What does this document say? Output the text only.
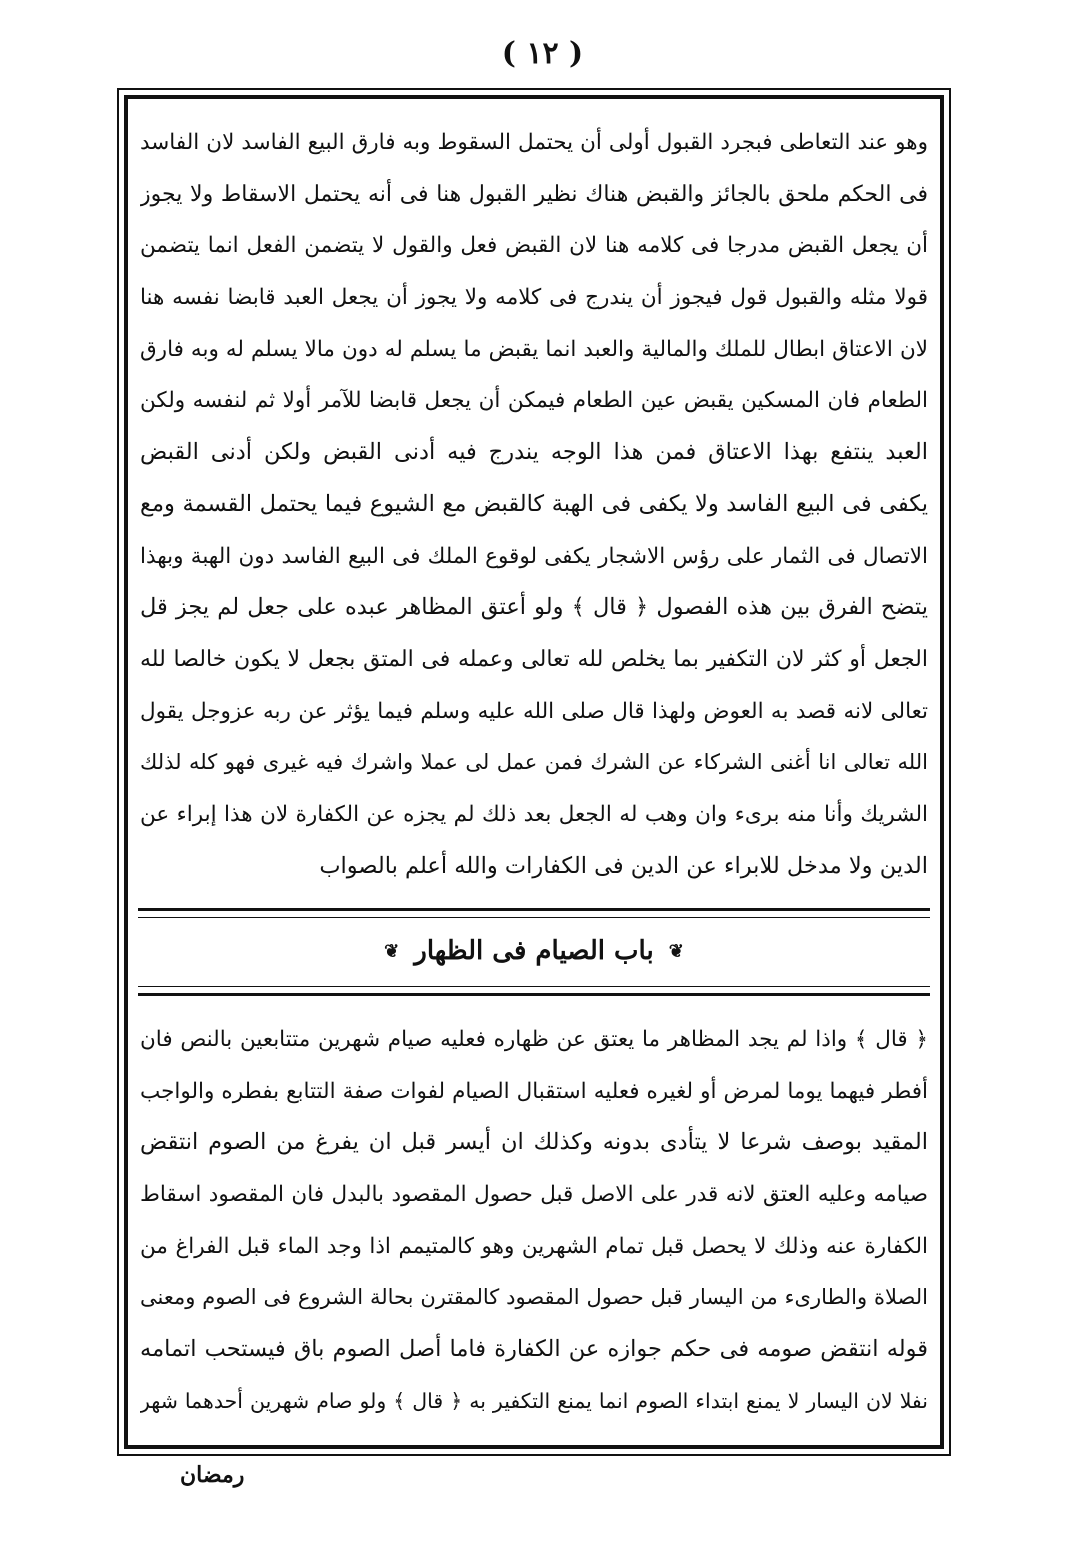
( ١٢ )
وهو عند التعاطى فبجرد القبول أولى أن يحتمل السقوط وبه فارق البيع الفاسد لان الفاسد
فى الحكم ملحق بالجائز والقبض هناك نظير القبول هنا فى أنه يحتمل الاسقاط ولا يجوز
أن يجعل القبض مدرجا فى كلامه هنا لان القبض فعل والقول لا يتضمن الفعل انما يتضمن
قولا مثله والقبول قول فيجوز أن يندرج فى كلامه ولا يجوز أن يجعل العبد قابضا نفسه هنا
لان الاعتاق ابطال للملك والمالية والعبد انما يقبض ما يسلم له دون مالا يسلم له وبه فارق
الطعام فان المسكين يقبض عين الطعام فيمكن أن يجعل قابضا للآمر أولا ثم لنفسه ولكن
العبد ينتفع بهذا الاعتاق فمن هذا الوجه يندرج فيه أدنى القبض ولكن أدنى القبض
يكفى فى البيع الفاسد ولا يكفى فى الهبة كالقبض مع الشيوع فيما يحتمل القسمة ومع
الاتصال فى الثمار على رؤس الاشجار يكفى لوقوع الملك فى البيع الفاسد دون الهبة وبهذا
يتضح الفرق بين هذه الفصول ﴿ قال ﴾ ولو أعتق المظاهر عبده على جعل لم يجز قل
الجعل أو كثر لان التكفير بما يخلص لله تعالى وعمله فى المتق بجعل لا يكون خالصا لله
تعالى لانه قصد به العوض ولهذا قال صلى الله عليه وسلم فيما يؤثر عن ربه عزوجل يقول
الله تعالى انا أغنى الشركاء عن الشرك فمن عمل لى عملا واشرك فيه غيرى فهو كله لذلك
الشريك وأنا منه برىء وان وهب له الجعل بعد ذلك لم يجزه عن الكفارة لان هذا إبراء عن
الدين ولا مدخل للابراء عن الدين فى الكفارات والله أعلم بالصواب
❦ باب الصيام فى الظهار ❦
﴿ قال ﴾ واذا لم يجد المظاهر ما يعتق عن ظهاره فعليه صيام شهرين متتابعين بالنص فان
أفطر فيهما يوما لمرض أو لغيره فعليه استقبال الصيام لفوات صفة التتابع بفطره والواجب
المقيد بوصف شرعا لا يتأدى بدونه وكذلك ان أيسر قبل ان يفرغ من الصوم انتقض
صيامه وعليه العتق لانه قدر على الاصل قبل حصول المقصود بالبدل فان المقصود اسقاط
الكفارة عنه وذلك لا يحصل قبل تمام الشهرين وهو كالمتيمم اذا وجد الماء قبل الفراغ من
الصلاة والطارىء من اليسار قبل حصول المقصود كالمقترن بحالة الشروع فى الصوم ومعنى
قوله انتقض صومه فى حكم جوازه عن الكفارة فاما أصل الصوم باق فيستحب اتمامه
نفلا لان اليسار لا يمنع ابتداء الصوم انما يمنع التكفير به ﴿ قال ﴾ ولو صام شهرين أحدهما شهر
رمضان
